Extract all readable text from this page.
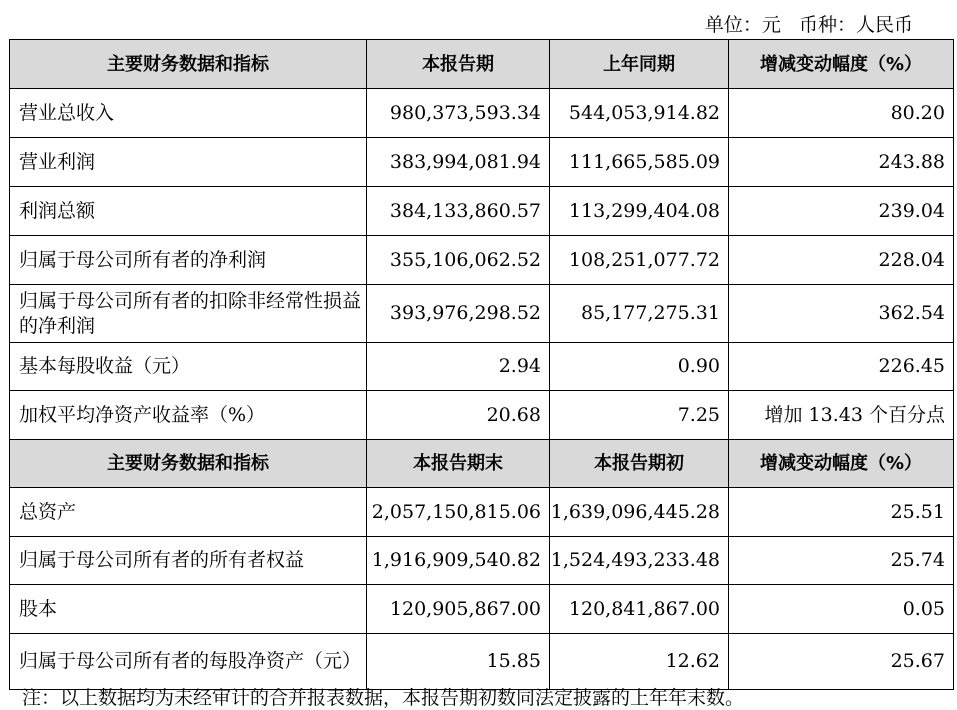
单位：元   币种：人民币
主要财务数据和指标	本报告期	上年同期	增减变动幅度（%）
营业总收入	980,373,593.34	544,053,914.82	80.20
营业利润	383,994,081.94	111,665,585.09	243.88
利润总额	384,133,860.57	113,299,404.08	239.04
归属于母公司所有者的净利润	355,106,062.52	108,251,077.72	228.04
归属于母公司所有者的扣除非经常性损益的净利润	393,976,298.52	85,177,275.31	362.54
基本每股收益（元）	2.94	0.90	226.45
加权平均净资产收益率（%）	20.68	7.25	增加 13.43 个百分点
主要财务数据和指标	本报告期末	本报告期初	增减变动幅度（%）
总资产	2,057,150,815.06	1,639,096,445.28	25.51
归属于母公司所有者的所有者权益	1,916,909,540.82	1,524,493,233.48	25.74
股本	120,905,867.00	120,841,867.00	0.05
归属于母公司所有者的每股净资产（元）	15.85	12.62	25.67
注：以上数据均为未经审计的合并报表数据，本报告期初数同法定披露的上年年末数。
